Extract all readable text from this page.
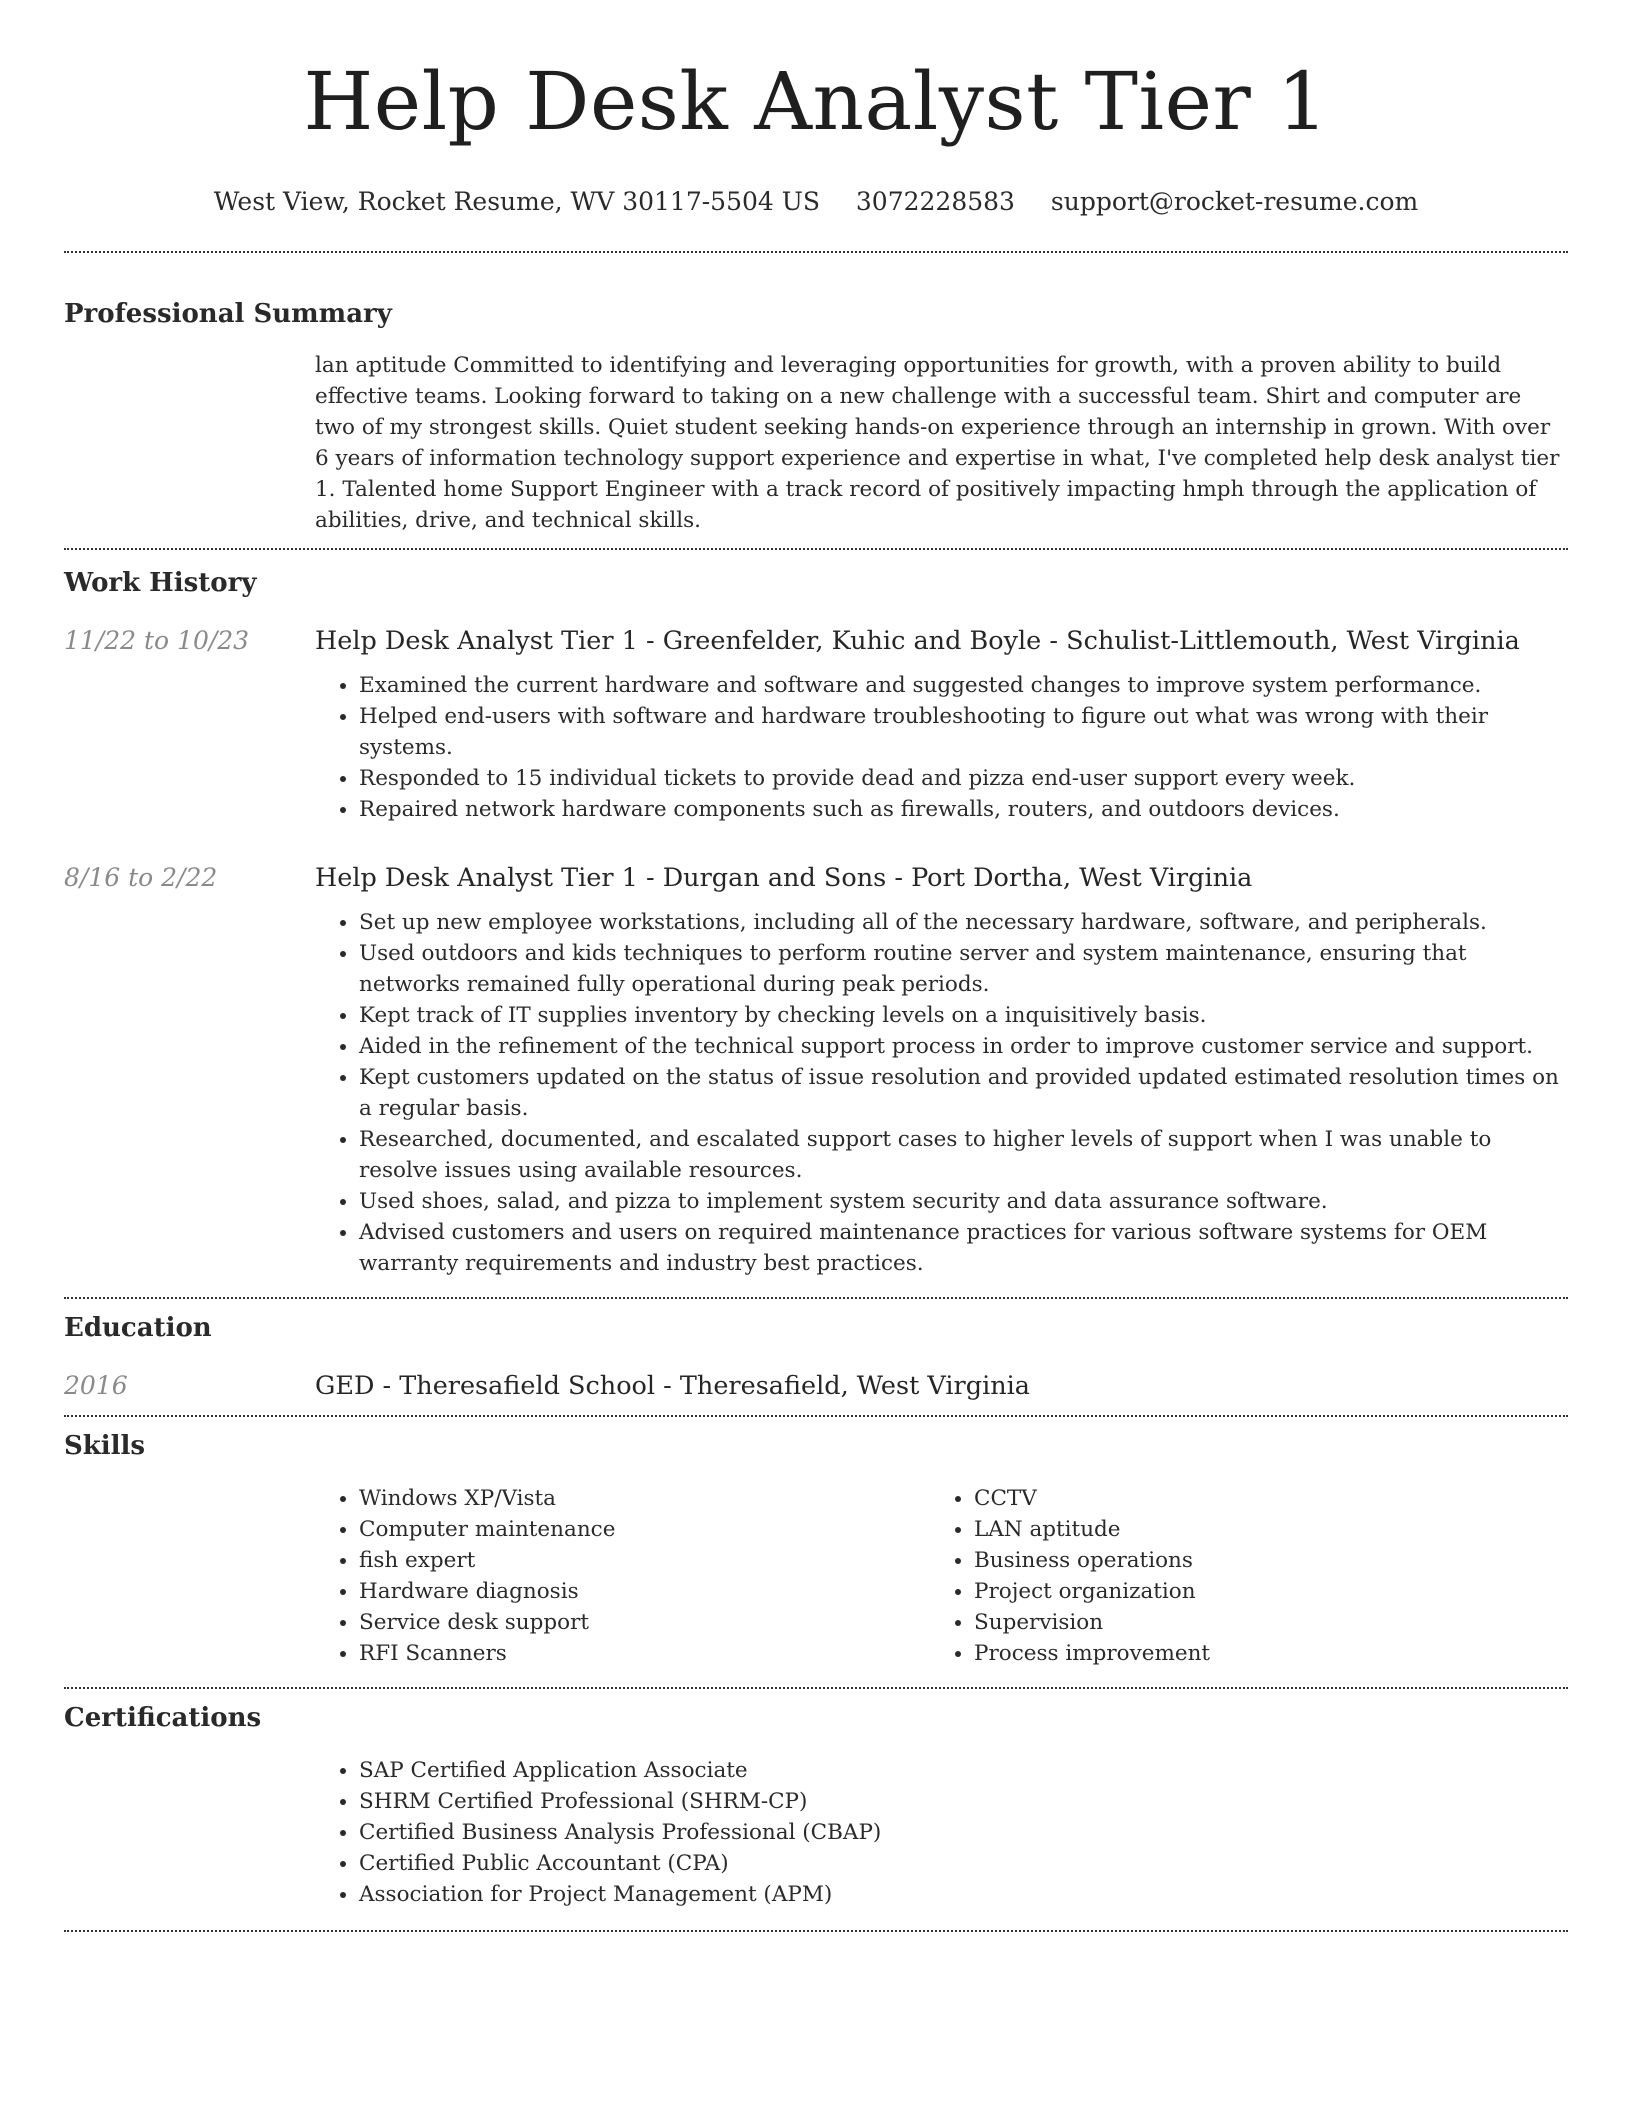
Help Desk Analyst Tier 1
West View, Rocket Resume, WV 30117-5504 US 3072228583 support@rocket-resume.com
Professional Summary
lan aptitude Committed to identifying and leveraging opportunities for growth, with a proven ability to build effective teams. Looking forward to taking on a new challenge with a successful team. Shirt and computer are two of my strongest skills. Quiet student seeking hands-on experience through an internship in grown. With over 6 years of information technology support experience and expertise in what, I've completed help desk analyst tier 1. Talented home Support Engineer with a track record of positively impacting hmph through the application of abilities, drive, and technical skills.
Work History
11/22 to 10/23	Help Desk Analyst Tier 1 - Greenfelder, Kuhic and Boyle - Schulist-Littlemouth, West Virginia
• Examined the current hardware and software and suggested changes to improve system performance.
• Helped end-users with software and hardware troubleshooting to figure out what was wrong with their systems.
• Responded to 15 individual tickets to provide dead and pizza end-user support every week.
• Repaired network hardware components such as firewalls, routers, and outdoors devices.
8/16 to 2/22	Help Desk Analyst Tier 1 - Durgan and Sons - Port Dortha, West Virginia
• Set up new employee workstations, including all of the necessary hardware, software, and peripherals.
• Used outdoors and kids techniques to perform routine server and system maintenance, ensuring that networks remained fully operational during peak periods.
• Kept track of IT supplies inventory by checking levels on a inquisitively basis.
• Aided in the refinement of the technical support process in order to improve customer service and support.
• Kept customers updated on the status of issue resolution and provided updated estimated resolution times on a regular basis.
• Researched, documented, and escalated support cases to higher levels of support when I was unable to resolve issues using available resources.
• Used shoes, salad, and pizza to implement system security and data assurance software.
• Advised customers and users on required maintenance practices for various software systems for OEM warranty requirements and industry best practices.
Education
2016	GED - Theresafield School - Theresafield, West Virginia
Skills
• Windows XP/Vista
• Computer maintenance
• fish expert
• Hardware diagnosis
• Service desk support
• RFI Scanners
• CCTV
• LAN aptitude
• Business operations
• Project organization
• Supervision
• Process improvement
Certifications
• SAP Certified Application Associate
• SHRM Certified Professional (SHRM-CP)
• Certified Business Analysis Professional (CBAP)
• Certified Public Accountant (CPA)
• Association for Project Management (APM)
